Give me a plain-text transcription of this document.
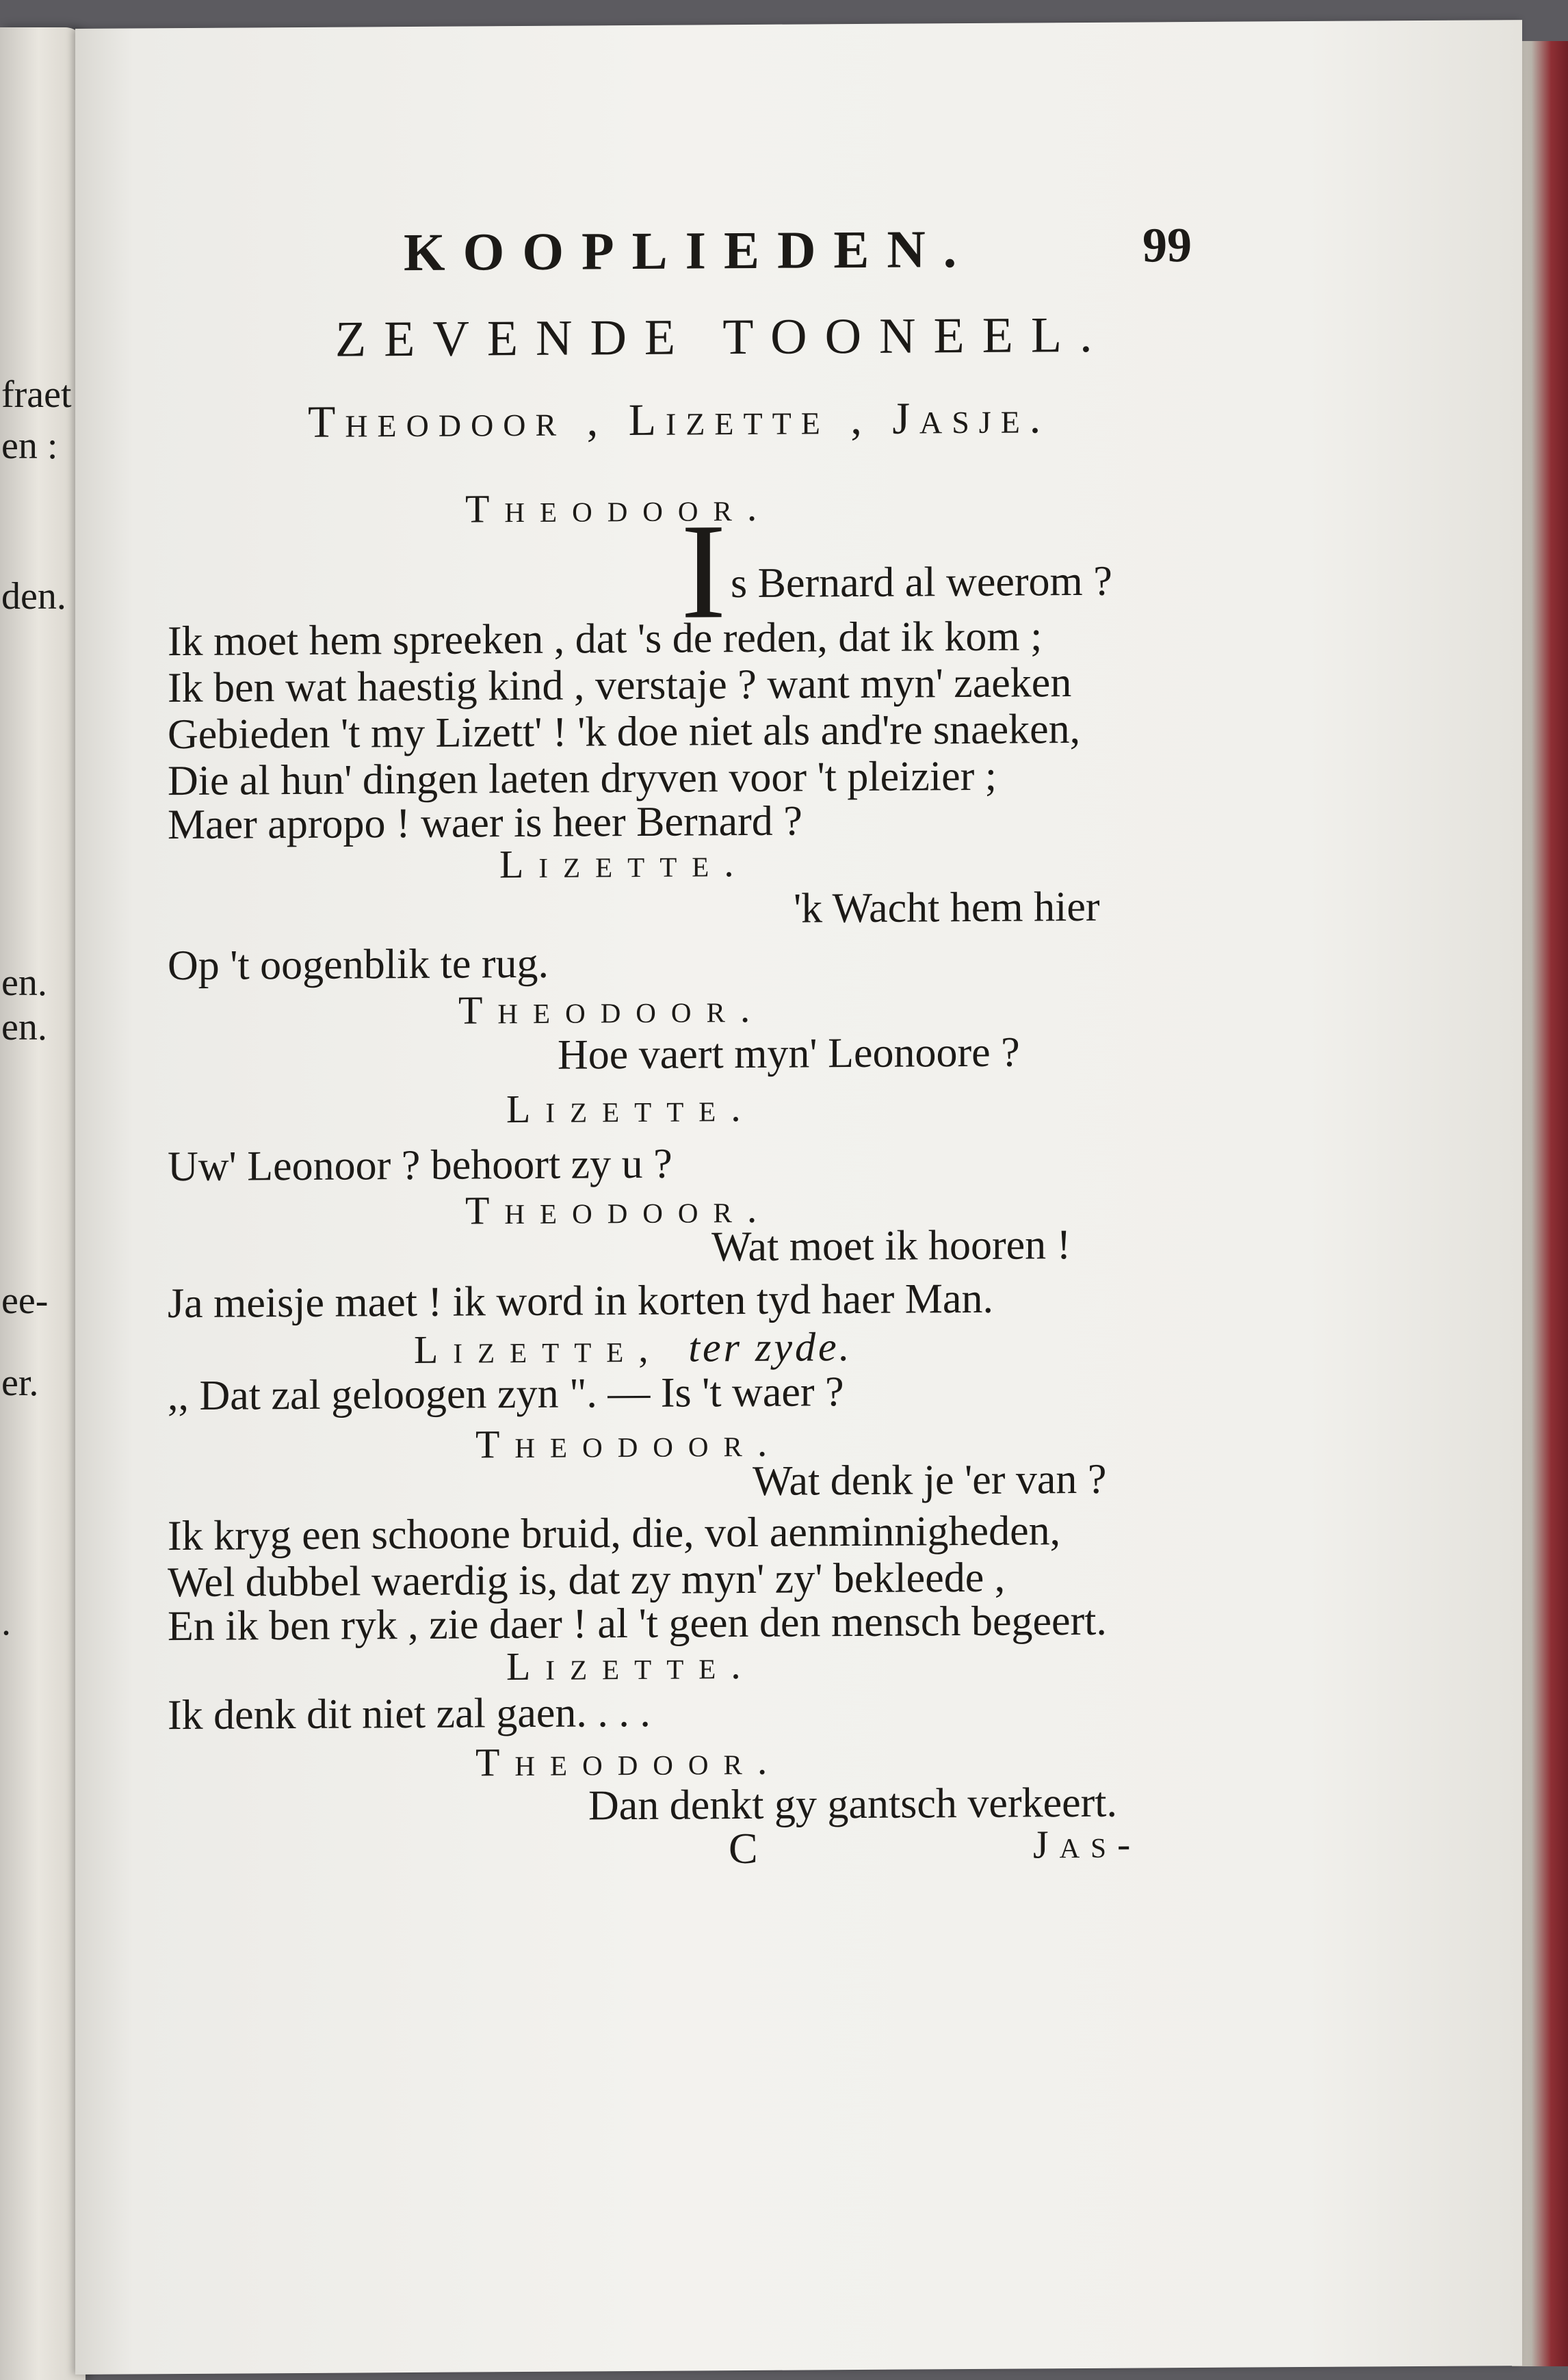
fraet
en :
den.
en.
en.
ee-
er.
.
KOOPLIEDEN.	99
ZEVENDE TOONEEL.
Theodoor , Lizette , Jasje.
Theodoor.
I s Bernard al weerom ?
Ik moet hem spreeken , dat 's de reden, dat ik kom ;
Ik ben wat haestig kind , verstaje ? want myn' zaeken
Gebieden 't my Lizett' ! 'k doe niet als and're snaeken,
Die al hun' dingen laeten dryven voor 't pleizier ;
Maer apropo ! waer is heer Bernard ?
Lizette.
'k Wacht hem hier
Op 't oogenblik te rug.
Theodoor.
Hoe vaert myn' Leonoore ?
Lizette.
Uw' Leonoor ? behoort zy u ?
Theodoor.
Wat moet ik hooren !
Ja meisje maet ! ik word in korten tyd haer Man.
Lizette, ter zyde.
,, Dat zal geloogen zyn ". — Is 't waer ?
Theodoor.
Wat denk je 'er van ?
Ik kryg een schoone bruid, die, vol aenminnigheden,
Wel dubbel waerdig is, dat zy myn' zy' bekleede ,
En ik ben ryk , zie daer ! al 't geen den mensch begeert.
Lizette.
Ik denk dit niet zal gaen. . . .
Theodoor.
Dan denkt gy gantsch verkeert.
C	Jas-
